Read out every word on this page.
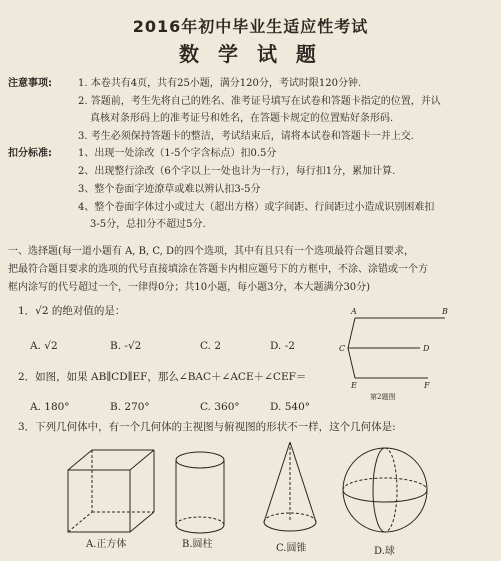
2016年初中毕业生适应性考试
数 学 试 题
注意事项:	1. 本卷共有4页，共有25小题，满分120分，考试时限120分钟.
2. 答题前，考生先将自己的姓名、准考证号填写在试卷和答题卡指定的位置，并认
真核对条形码上的准考证号和姓名，在答题卡规定的位置贴好条形码.
3. 考生必须保持答题卡的整洁，考试结束后，请将本试卷和答题卡一并上交.
扣分标准:	1、出现一处涂改（1-5个字含标点）扣0.5分
2、出现整行涂改（6个字以上一处也计为一行），每行扣1分，累加计算.
3、整个卷面字迹潦草或难以辨认扣3-5分
4、整个卷面字体过小或过大（超出方格）或字间距、行间距过小造成识别困难扣
3-5分，总扣分不超过5分.
一、选择题(每一道小题有 A, B, C, D的四个选项，其中有且只有一个选项最符合题目要求，
把最符合题目要求的选项的代号直接填涂在答题卡内相应题号下的方框中，不涂、涂错或一个方
框内涂写的代号超过一个，一律得0分；共10小题，每小题3分，本大题满分30分)
1．√2 的绝对值的是：
A. √2	B. -√2	C. 2	D. -2
2．如图，如果 AB∥CD∥EF，那么∠BAC＋∠ACE＋∠CEF＝
A. 180°	B. 270°	C. 360°	D. 540°
A	B
C	D
E	F
第2题图
3．下列几何体中，有一个几何体的主视图与俯视图的形状不一样，这个几何体是:
A.正方体	B.圆柱	C.圆锥	D.球
